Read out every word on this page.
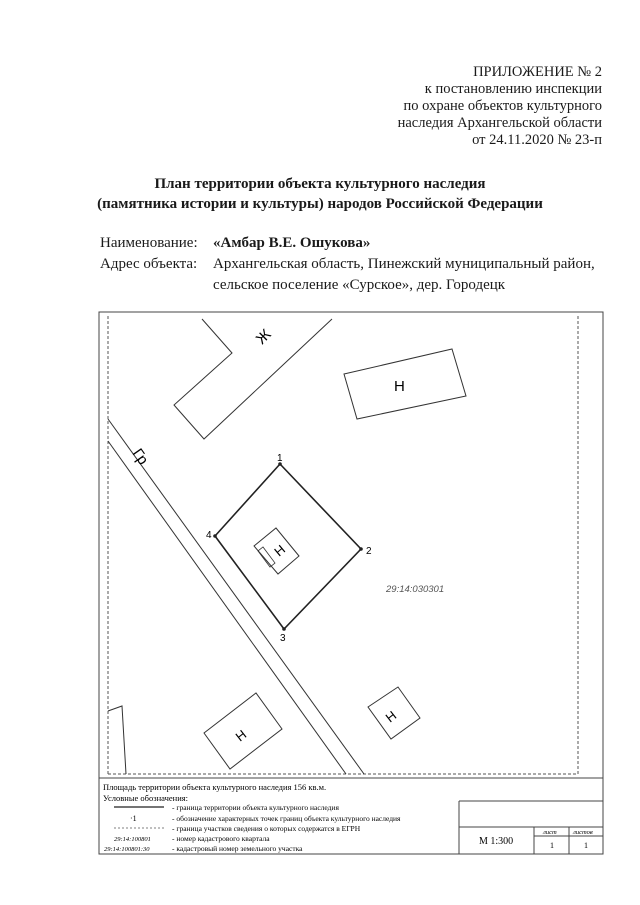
ПРИЛОЖЕНИЕ № 2
к постановлению инспекции
по охране объектов культурного
наследия Архангельской области
от 24.11.2020 № 23-п
План территории объекта культурного наследия
(памятника истории и культуры) народов Российской Федерации
Наименование:	«Амбар В.Е. Ошукова»
Адрес объекта:	Архангельская область, Пинежский муниципальный район,
сельское поселение «Сурское», дер. Городецк
Ж
Н
Гр	1
2
3
4
Н
29:14:030301
Н
Н
Площадь территории объекта культурного наследия 156 кв.м.
Условные обозначения:
- граница территории объекта культурного наследия
·1	- обозначение характерных точек границ объекта культурного наследия
- граница участков сведения о которых содержатся в ЕГРН
29:14:100801	- номер кадастрового квартала
29:14:100801:30	- кадастровый номер земельного участка
М 1:300
лист	листов
1	1
